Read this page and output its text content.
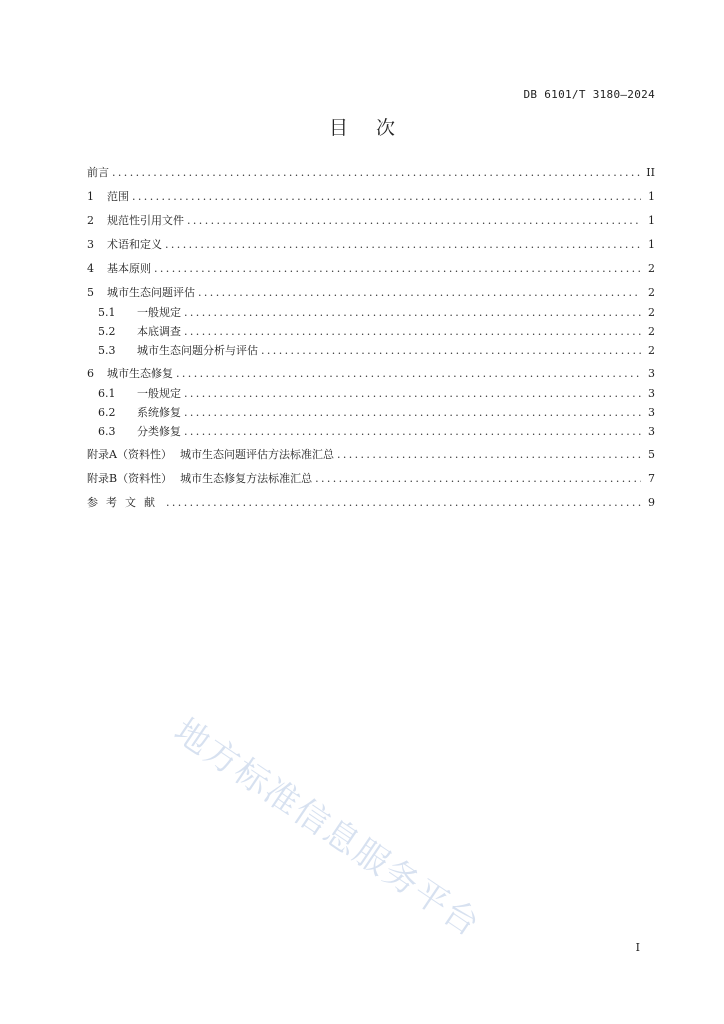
DB 6101/T 3180—2024
目次
前言 .....	II
1	范围 .....	1
2	规范性引用文件 .....	1
3	术语和定义 .....	1
4	基本原则 .....	2
5	城市生态问题评估 .....	2
5.1	一般规定 .....	2
5.2	本底调查 .....	2
5.3	城市生态问题分析与评估 .....	2
6	城市生态修复 .....	3
6.1	一般规定 .....	3
6.2	系统修复 .....	3
6.3	分类修复 .....	3
附录A（资料性） 城市生态问题评估方法标准汇总 .....	5
附录B（资料性） 城市生态修复方法标准汇总 .....	7
参考文献 .....	9
地方标准信息服务平台
I
